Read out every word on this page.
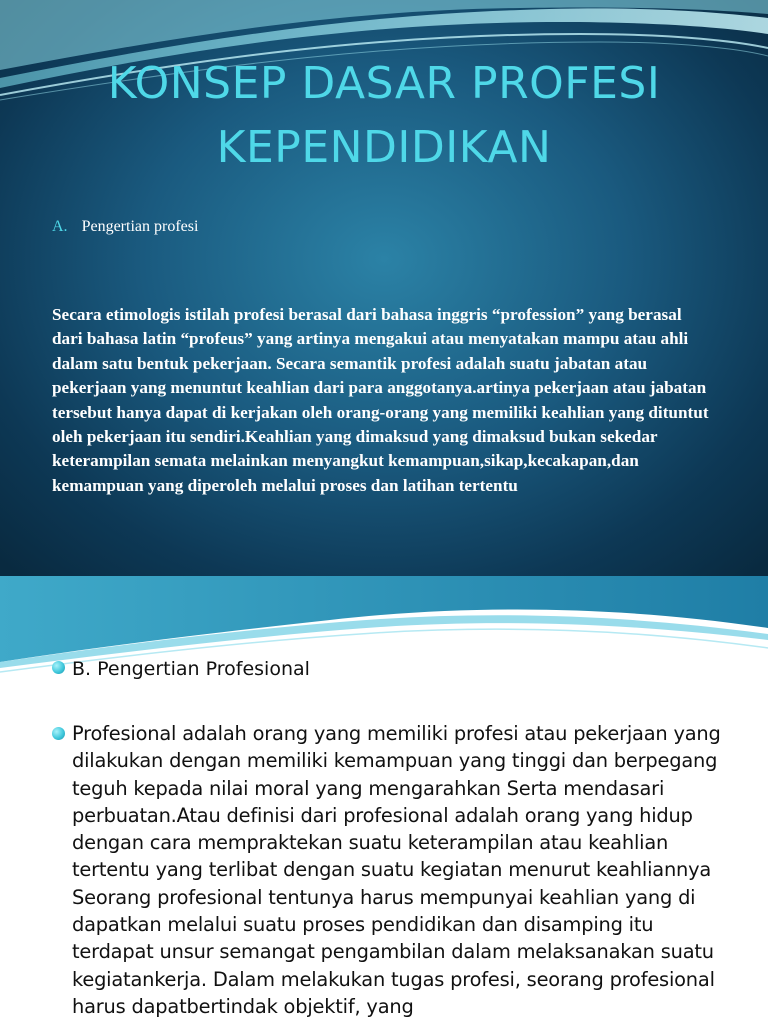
KONSEP DASAR PROFESI KEPENDIDIKAN
A. Pengertian profesi

Secara etimologis istilah profesi berasal dari bahasa inggris “profession” yang berasal dari bahasa latin “profeus” yang artinya mengakui atau menyatakan mampu atau ahli dalam satu bentuk pekerjaan. Secara semantik profesi adalah suatu jabatan atau pekerjaan yang menuntut keahlian dari para anggotanya.artinya pekerjaan atau jabatan tersebut hanya dapat di kerjakan oleh orang-orang yang memiliki keahlian yang dituntut oleh pekerjaan itu sendiri.Keahlian yang dimaksud yang dimaksud bukan sekedar keterampilan semata melainkan menyangkut kemampuan,sikap,kecakapan,dan kemampuan yang diperoleh melalui proses dan latihan tertentu

B. Pengertian Profesional

Profesional adalah orang yang memiliki profesi atau pekerjaan yang dilakukan dengan memiliki kemampuan yang tinggi dan berpegang teguh kepada nilai moral yang mengarahkan Serta mendasari perbuatan.Atau definisi dari profesional adalah orang yang hidup dengan cara mempraktekan suatu keterampilan atau keahlian tertentu yang terlibat dengan suatu kegiatan menurut keahliannya Seorang profesional tentunya harus mempunyai keahlian yang di dapatkan melalui suatu proses pendidikan dan disamping itu terdapat unsur semangat pengambilan dalam melaksanakan suatu kegiatankerja. Dalam melakukan tugas profesi, seorang profesional harus dapatbertindak objektif, yang
